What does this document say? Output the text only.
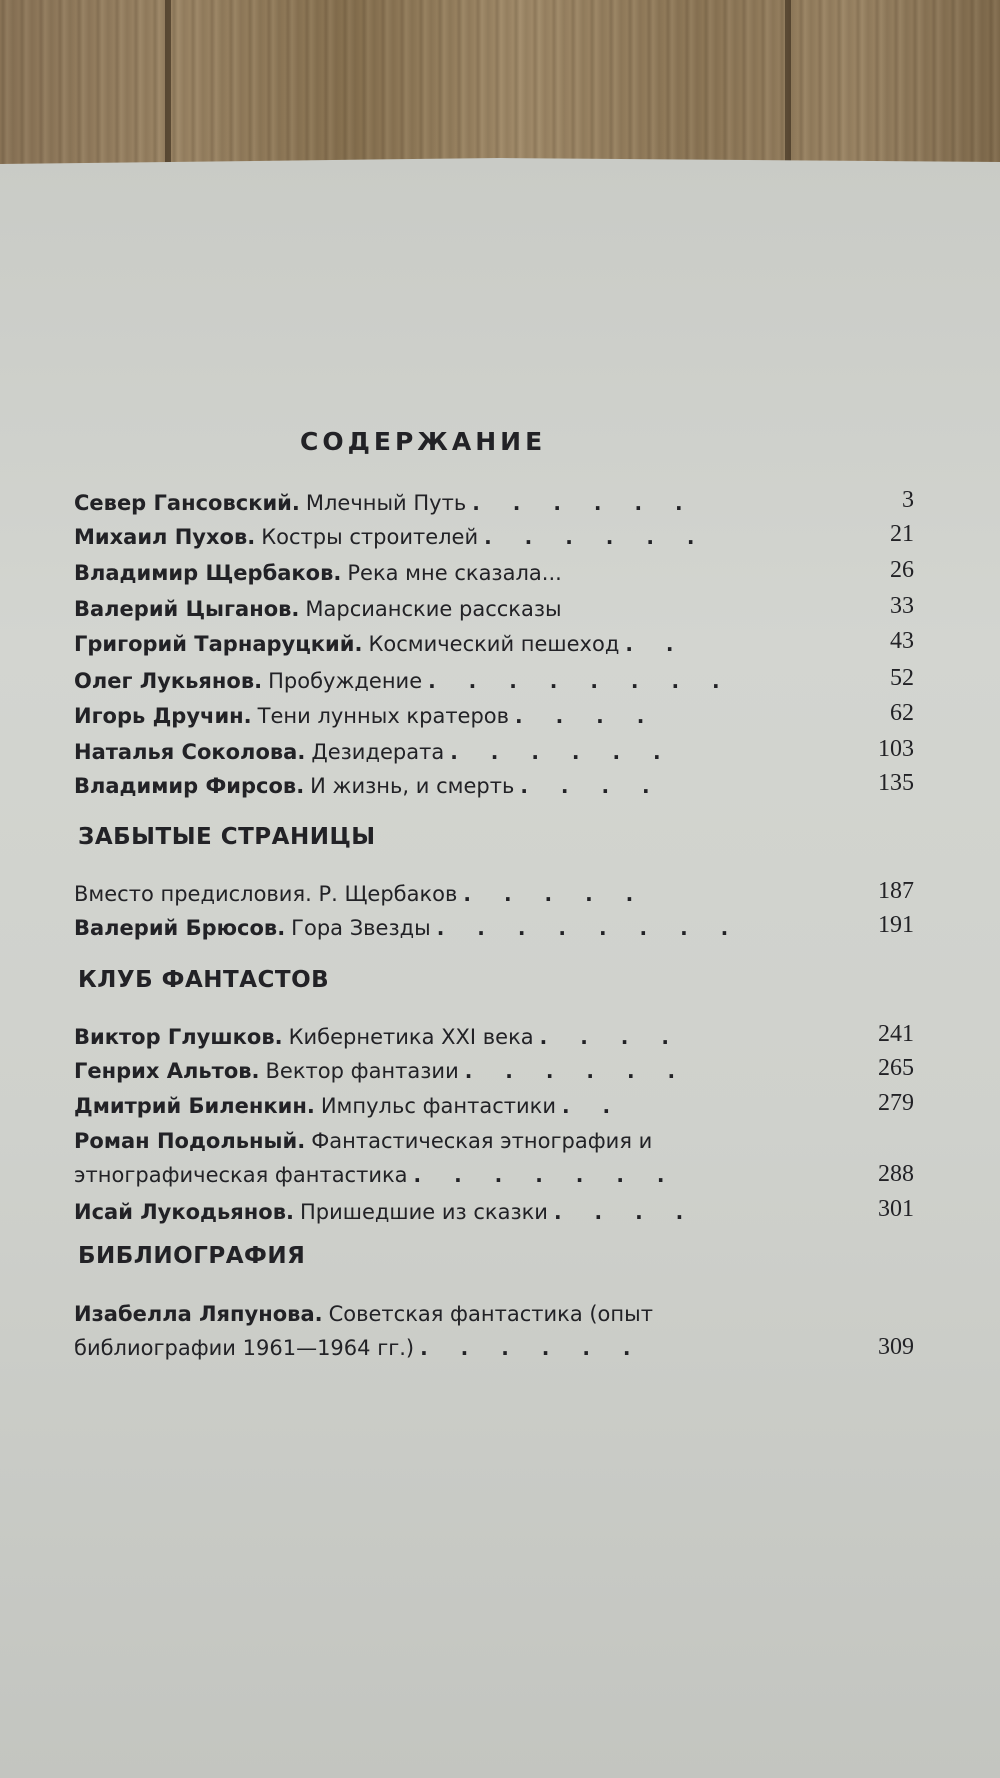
СОДЕРЖАНИЕ
Север Гансовский. Млечный Путь . . . . . .	3
Михаил Пухов. Костры строителей . . . . . .	21
Владимир Щербаков. Река мне сказала...	26
Валерий Цыганов. Марсианские рассказы	33
Григорий Тарнаруцкий. Космический пешеход . .	43
Олег Лукьянов. Пробуждение . . . . . . . .	52
Игорь Дручин. Тени лунных кратеров . . . .	62
Наталья Соколова. Дезидерата . . . . . .	103
Владимир Фирсов. И жизнь, и смерть . . . .	135
ЗАБЫТЫЕ СТРАНИЦЫ
Вместо предисловия. Р. Щербаков . . . . .	187
Валерий Брюсов. Гора Звезды . . . . . . . .	191
КЛУБ ФАНТАСТОВ
Виктор Глушков. Кибернетика XXI века . . . .	241
Генрих Альтов. Вектор фантазии . . . . . .	265
Дмитрий Биленкин. Импульс фантастики . .	279
Роман Подольный. Фантастическая этнография и
этнографическая фантастика . . . . . . .	288
Исай Лукодьянов. Пришедшие из сказки . . . .	301
БИБЛИОГРАФИЯ
Изабелла Ляпунова. Советская фантастика (опыт
библиографии 1961—1964 гг.) . . . . . .	309
